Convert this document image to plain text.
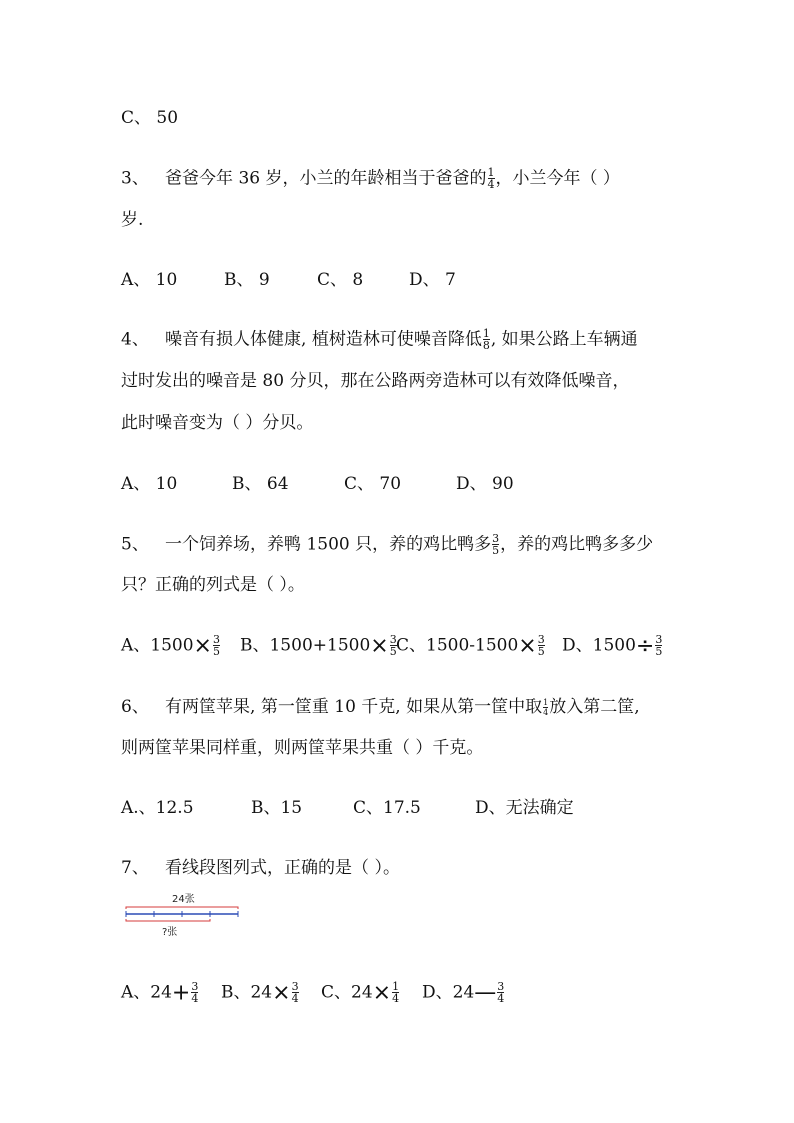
C、 50
3、 爸爸今年 36 岁，小兰的年龄相当于爸爸的 $\frac{1}{4}$ ，小兰今年（ ）
岁.
A、 10	B、 9	C、 8	D、 7
4、 噪音有损人体健康, 植树造林可使噪音降低 $\frac{1}{8}$ , 如果公路上车辆通
过时发出的噪音是 80 分贝，那在公路两旁造林可以有效降低噪音，
此时噪音变为（ ）分贝。
A、 10	B、 64	C、 70	D、 90
5、 一个饲养场，养鸭 1500 只，养的鸡比鸭多 $\frac{3}{5}$ ，养的鸡比鸭多多少
只？正确的列式是（ ）。
A、$1500\times \frac{3}{5}$ B、$1500+1500\times \frac{3}{5}$ C、$1500-1500\times \frac{3}{5}$ D、$1500\div \frac{3}{5}$
6、 有两筐苹果, 第一筐重 10 千克, 如果从第一筐中取 $\frac{1}{4}$ 放入第二筐,
则两筐苹果同样重，则两筐苹果共重（ ）千克。
A.、12.5	B、15	C、17.5	D、无法确定
7、 看线段图列式，正确的是（ ）。
24张
?张
A、$24+ \frac{3}{4}$ B、$24\times \frac{3}{4}$ C、$24\times \frac{1}{4}$ D、24— $\frac{3}{4}$
